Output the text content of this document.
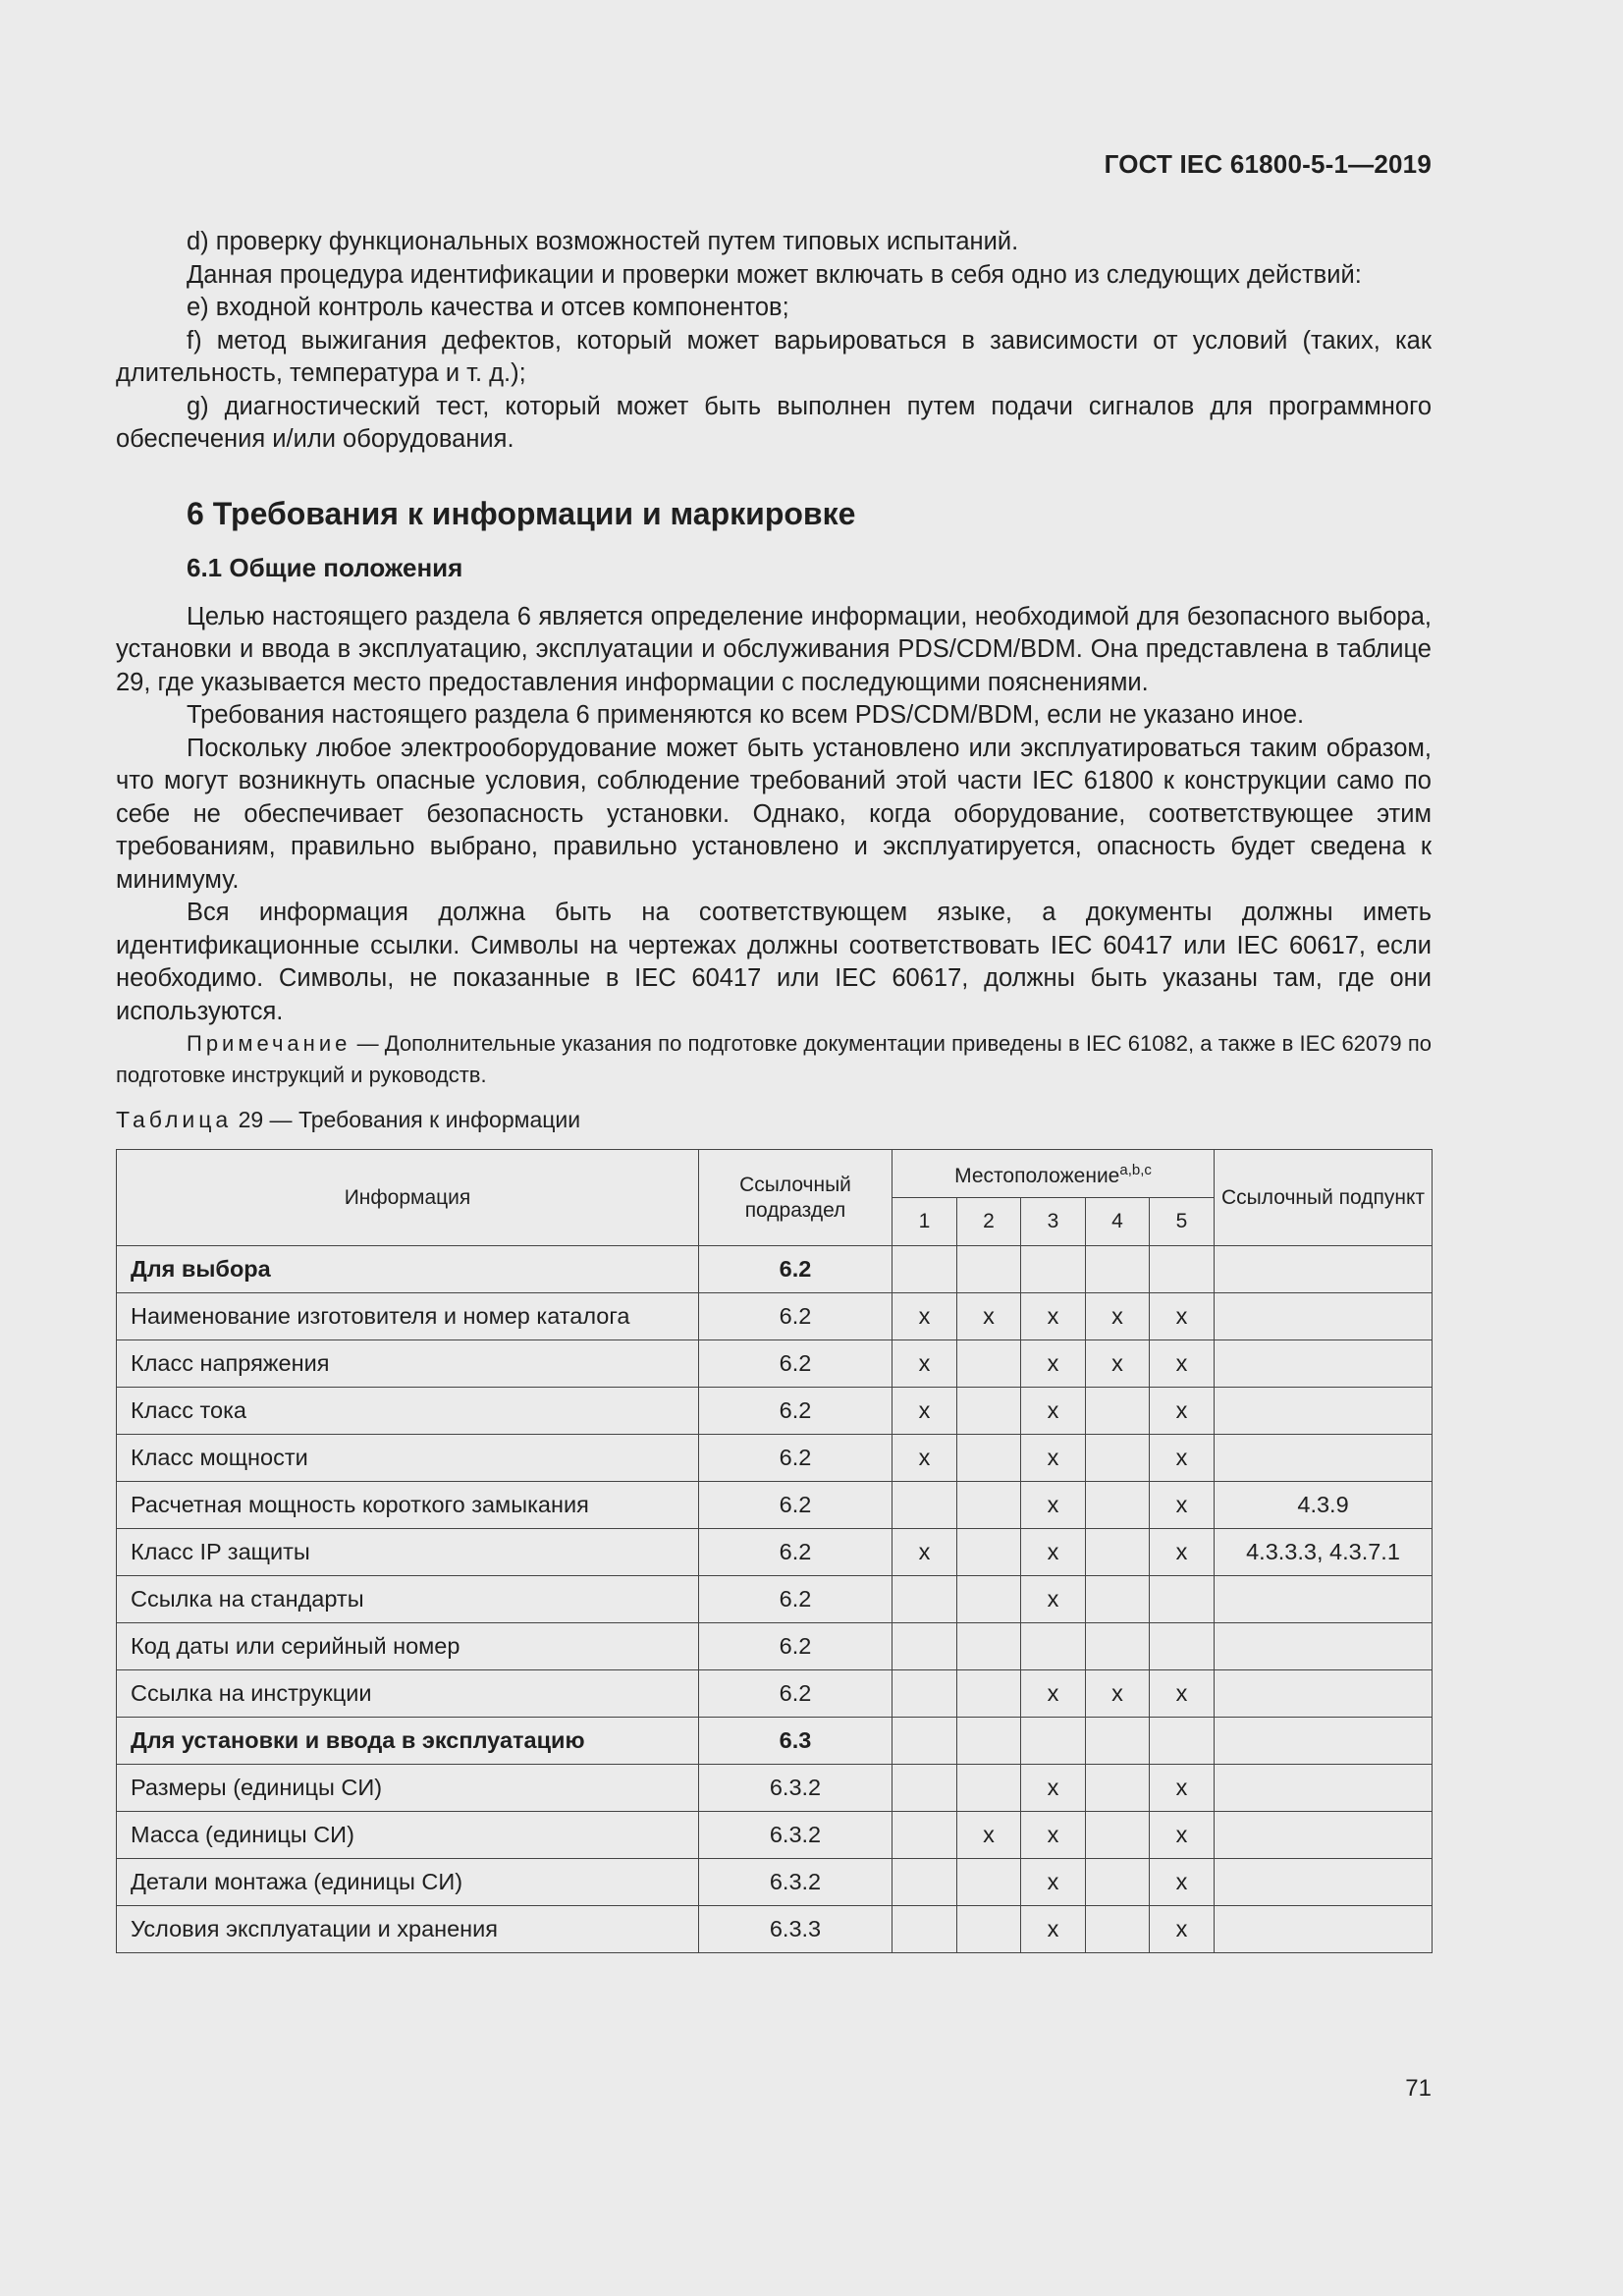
ГОСТ IEC 61800-5-1—2019

d) проверку функциональных возможностей путем типовых испытаний.

Данная процедура идентификации и проверки может включать в себя одно из следующих действий:

e) входной контроль качества и отсев компонентов;

f) метод выжигания дефектов, который может варьироваться в зависимости от условий (таких, как длительность, температура и т. д.);

g) диагностический тест, который может быть выполнен путем подачи сигналов для программного обеспечения и/или оборудования.

6 Требования к информации и маркировке
6.1 Общие положения

Целью настоящего раздела 6 является определение информации, необходимой для безопасного выбора, установки и ввода в эксплуатацию, эксплуатации и обслуживания PDS/CDM/BDM. Она представлена в таблице 29, где указывается место предоставления информации с последующими пояснениями.

Требования настоящего раздела 6 применяются ко всем PDS/CDM/BDM, если не указано иное.

Поскольку любое электрооборудование может быть установлено или эксплуатироваться таким образом, что могут возникнуть опасные условия, соблюдение требований этой части IEC 61800 к конструкции само по себе не обеспечивает безопасность установки. Однако, когда оборудование, соответствующее этим требованиям, правильно выбрано, правильно установлено и эксплуатируется, опасность будет сведена к минимуму.

Вся информация должна быть на соответствующем языке, а документы должны иметь идентификационные ссылки. Символы на чертежах должны соответствовать IEC 60417 или IEC 60617, если необходимо. Символы, не показанные в IEC 60417 или IEC 60617, должны быть указаны там, где они используются.

Примечание — Дополнительные указания по подготовке документации приведены в IEC 61082, а также в IEC 62079 по подготовке инструкций и руководств.

Таблица 29 — Требования к информации
Информация	Ссылочный подраздел	Местоположение$^{a,b,c}$					Ссылочный подпункт
		1	2	3	4	5	
Для выбора	6.2						
Наименование изготовителя и номер каталога	6.2	x	x	x	x	x	
Класс напряжения	6.2	x		x	x	x	
Класс тока	6.2	x		x		x	
Класс мощности	6.2	x		x		x	
Расчетная мощность короткого замыкания	6.2			x		x	4.3.9
Класс IP защиты	6.2	x		x		x	4.3.3.3, 4.3.7.1
Ссылка на стандарты	6.2			x			
Код даты или серийный номер	6.2						
Ссылка на инструкции	6.2			x	x	x	
Для установки и ввода в эксплуатацию	6.3						
Размеры (единицы СИ)	6.3.2			x		x	
Масса (единицы СИ)	6.3.2		x	x		x	
Детали монтажа (единицы СИ)	6.3.2			x		x	
Условия эксплуатации и хранения	6.3.3			x		x	
71
